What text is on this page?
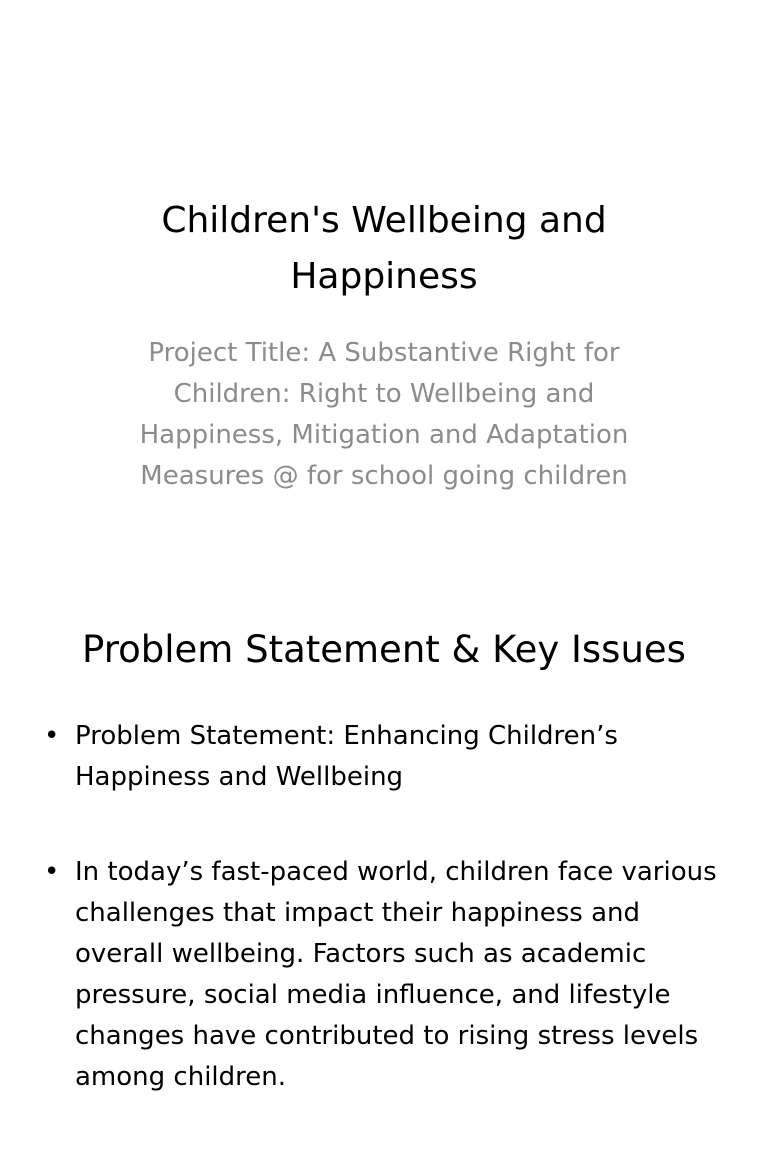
Children's Wellbeing and Happiness

Project Title: A Substantive Right for Children: Right to Wellbeing and Happiness, Mitigation and Adaptation Measures @ for school going children

Problem Statement & Key Issues
• Problem Statement: Enhancing Children’s Happiness and Wellbeing
• In today’s fast-paced world, children face various challenges that impact their happiness and overall wellbeing. Factors such as academic pressure, social media influence, and lifestyle changes have contributed to rising stress levels among children.
